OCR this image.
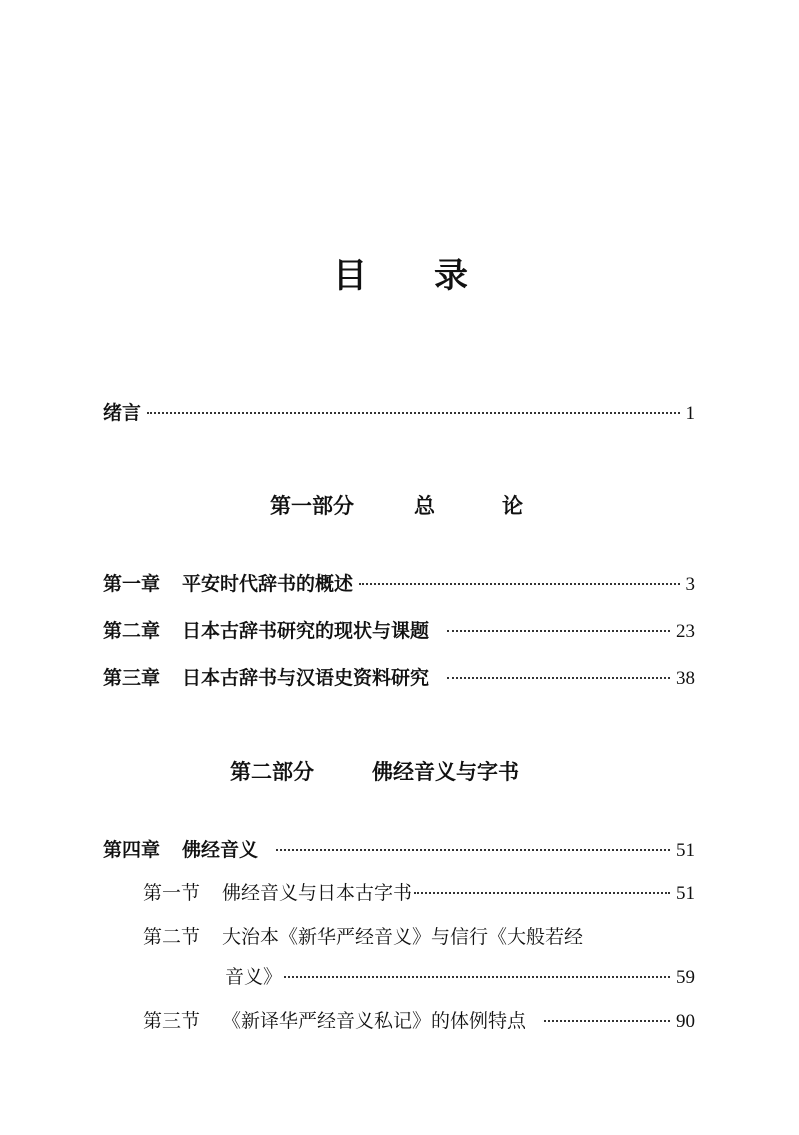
目 录
绪言	1
第一部分	总	论
第一章 平安时代辞书的概述	3
第二章 日本古辞书研究的现状与课题	23
第三章 日本古辞书与汉语史资料研究	38
第二部分	佛经音义与字书
第四章 佛经音义	51
第一节 佛经音义与日本古字书	51
第二节 大治本《新华严经音义》与信行《大般若经
音义》	59
第三节 《新译华严经音义私记》的体例特点	90
